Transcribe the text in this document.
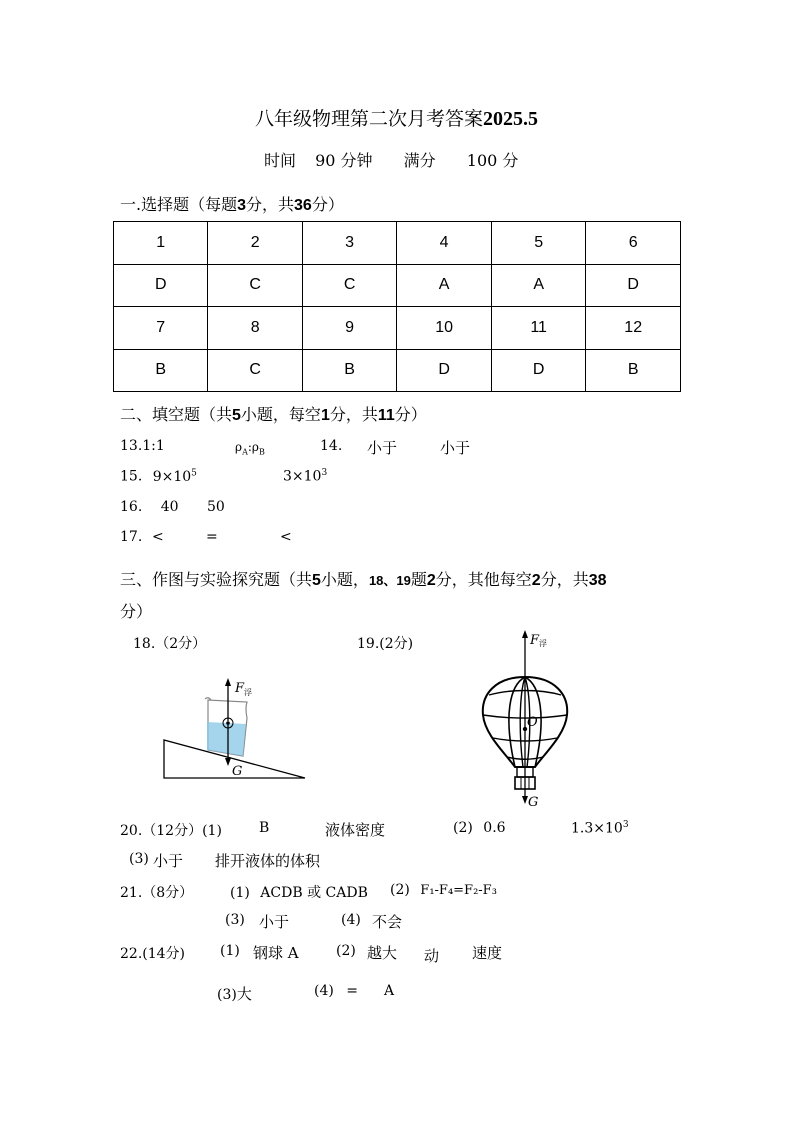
八年级物理第二次月考答案2025.5
时间 90 分钟 满分 100 分
一.选择题（每题3分，共36分）
1	2	3	4	5	6
D	C	C	A	A	D
7	8	9	10	11	12
B	C	B	D	D	B
二、填空题（共5小题，每空1分，共11分）
13.1:1	$\rho_A:\rho_B$	14. 小于	小于
15. $9\times 10^5$	$3\times 10^3$
16. 40 50
17. <	=	<
三、作图与实验探究题（共5小题，18、19题2分，其他每空2分，共38
分）
18.（2分）
F 浮
G
19.(2分)	F 浮
O
G
20.（12分）(1)	B	液体密度	(2) 0.6	$1.3\times 10^3$
(3) 小于 排开液体的体积
21.（8分）	(1) ACDB 或 CADB (2) F₁-F₄=F₂-F₃
(3) 小于	(4) 不会
22.(14分) (1) 钢球 A	(2) 越大 动 速度
(3)大	(4) = A
